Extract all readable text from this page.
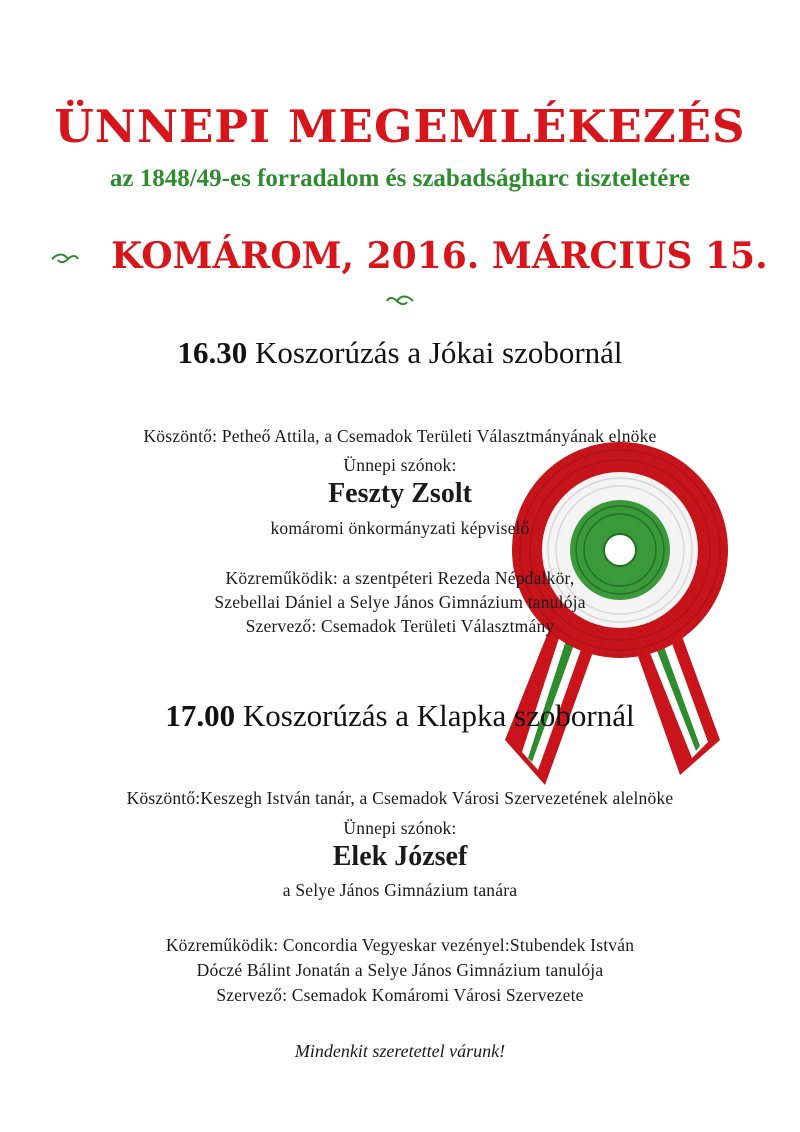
ÜNNEPI MEGEMLÉKEZÉS
az 1848/49-es forradalom és szabadságharc tiszteletére
KOMÁROM, 2016. MÁRCIUS 15.
16.30 Koszorúzás a Jókai szobornál
Köszöntő: Petheő Attila, a Csemadok Területi Választmányának elnöke
Ünnepi szónok:
Feszty Zsolt
komáromi önkormányzati képviselő
Közreműködik: a szentpéteri Rezeda Népdalkör,
Szebellai Dániel a Selye János Gimnázium tanulója
Szervező: Csemadok Területi Választmány
17.00 Koszorúzás a Klapka szobornál
Köszöntő:Keszegh István tanár, a Csemadok Városi Szervezetének alelnöke
Ünnepi szónok:
Elek József
a Selye János Gimnázium tanára
Közreműködik: Concordia Vegyeskar vezényel:Stubendek István
Dóczé Bálint Jonatán a Selye János Gimnázium tanulója
Szervező: Csemadok Komáromi Városi Szervezete
Mindenkit szeretettel várunk!
